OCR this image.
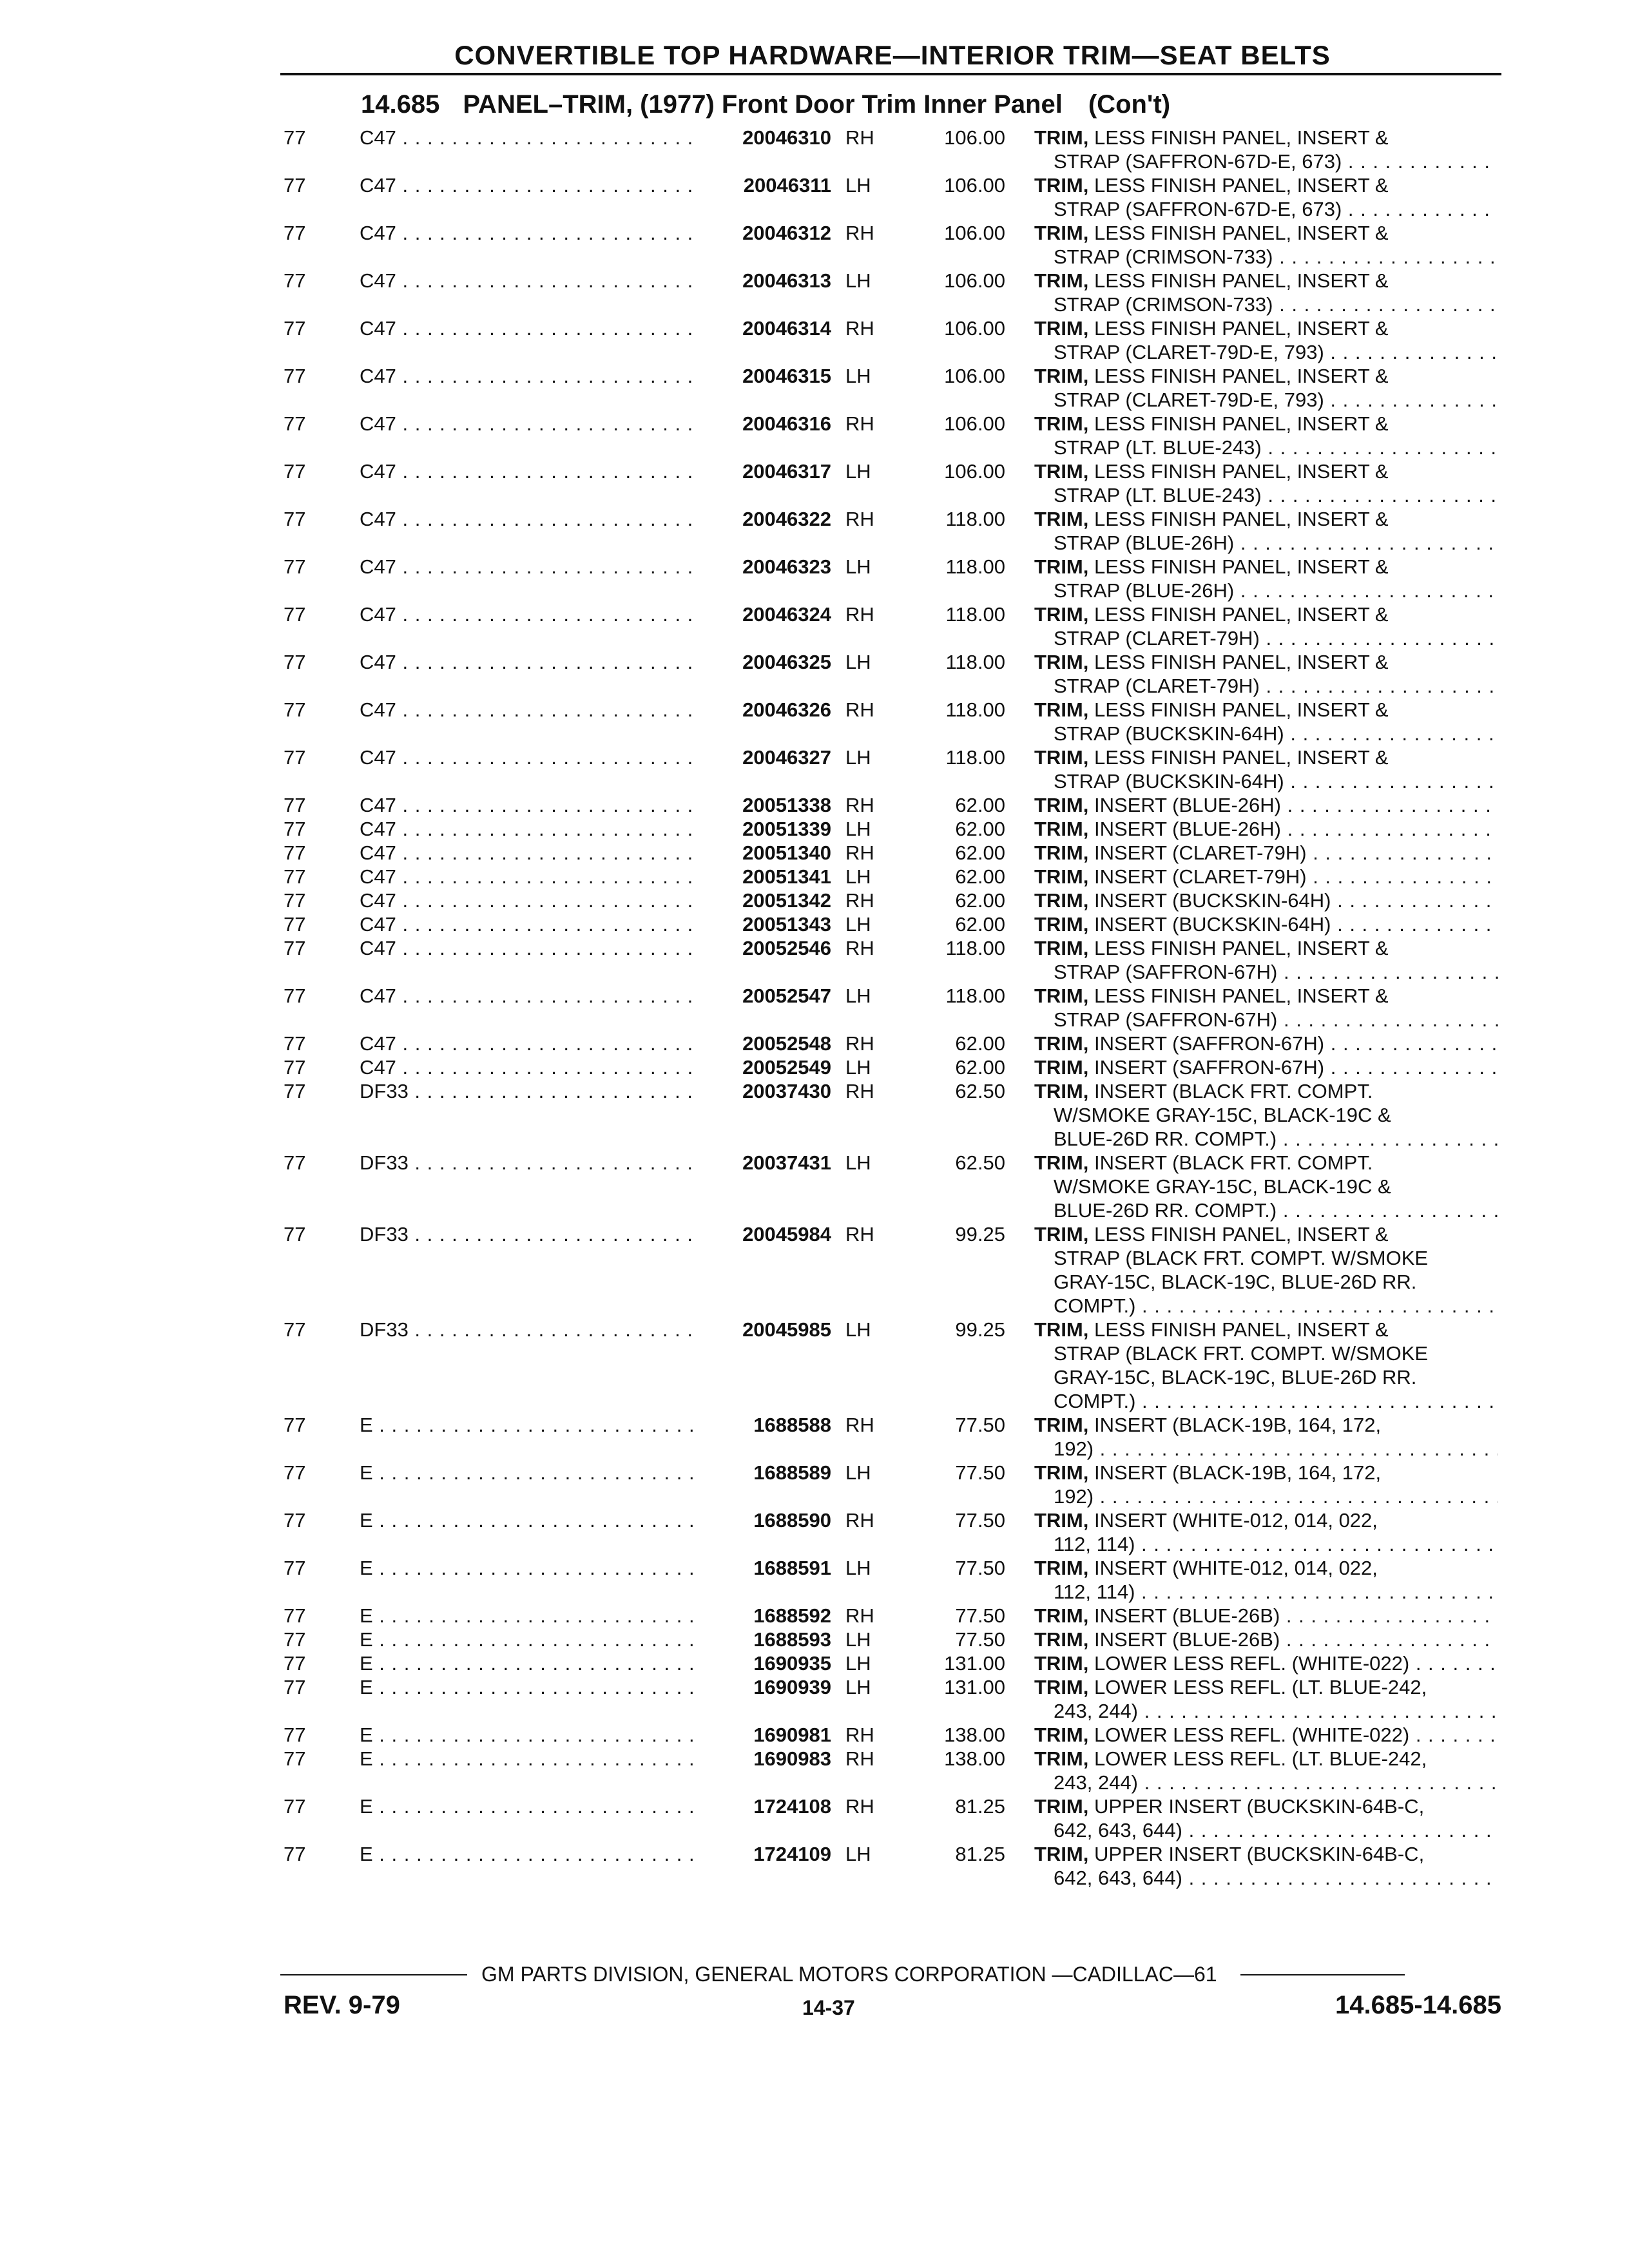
CONVERTIBLE TOP HARDWARE—INTERIOR TRIM—SEAT BELTS
14.685 PANEL–TRIM, (1977) Front Door Trim Inner Panel (Con't)
77	C47 . . .	20046310 RH	106.00 TRIM, LESS FINISH PANEL, INSERT &
STRAP (SAFFRON-67D-E, 673) . . .
77	C47 . . .	20046311 LH	106.00 TRIM, LESS FINISH PANEL, INSERT &
STRAP (SAFFRON-67D-E, 673) . . .
77	C47 . . .	20046312 RH	106.00 TRIM, LESS FINISH PANEL, INSERT &
STRAP (CRIMSON-733) . . .
77	C47 . . .	20046313 LH	106.00 TRIM, LESS FINISH PANEL, INSERT &
STRAP (CRIMSON-733) . . .
77	C47 . . .	20046314 RH	106.00 TRIM, LESS FINISH PANEL, INSERT &
STRAP (CLARET-79D-E, 793) . . .
77	C47 . . .	20046315 LH	106.00 TRIM, LESS FINISH PANEL, INSERT &
STRAP (CLARET-79D-E, 793) . . .
77	C47 . . .	20046316 RH	106.00 TRIM, LESS FINISH PANEL, INSERT &
STRAP (LT. BLUE-243) . . .
77	C47 . . .	20046317 LH	106.00 TRIM, LESS FINISH PANEL, INSERT &
STRAP (LT. BLUE-243) . . .
77	C47 . . .	20046322 RH	118.00 TRIM, LESS FINISH PANEL, INSERT &
STRAP (BLUE-26H) . . .
77	C47 . . .	20046323 LH	118.00 TRIM, LESS FINISH PANEL, INSERT &
STRAP (BLUE-26H) . . .
77	C47 . . .	20046324 RH	118.00 TRIM, LESS FINISH PANEL, INSERT &
STRAP (CLARET-79H) . . .
77	C47 . . .	20046325 LH	118.00 TRIM, LESS FINISH PANEL, INSERT &
STRAP (CLARET-79H) . . .
77	C47 . . .	20046326 RH	118.00 TRIM, LESS FINISH PANEL, INSERT &
STRAP (BUCKSKIN-64H) . . .
77	C47 . . .	20046327 LH	118.00 TRIM, LESS FINISH PANEL, INSERT &
STRAP (BUCKSKIN-64H) . . .
77	C47 . . .	20051338 RH	62.00 TRIM, INSERT (BLUE-26H) . . .
77	C47 . . .	20051339 LH	62.00 TRIM, INSERT (BLUE-26H) . . .
77	C47 . . .	20051340 RH	62.00 TRIM, INSERT (CLARET-79H) . . .
77	C47 . . .	20051341 LH	62.00 TRIM, INSERT (CLARET-79H) . . .
77	C47 . . .	20051342 RH	62.00 TRIM, INSERT (BUCKSKIN-64H) . . .
77	C47 . . .	20051343 LH	62.00 TRIM, INSERT (BUCKSKIN-64H) . . .
77	C47 . . .	20052546 RH	118.00 TRIM, LESS FINISH PANEL, INSERT &
STRAP (SAFFRON-67H) . . .
77	C47 . . .	20052547 LH	118.00 TRIM, LESS FINISH PANEL, INSERT &
STRAP (SAFFRON-67H) . . .
77	C47 . . .	20052548 RH	62.00 TRIM, INSERT (SAFFRON-67H) . . .
77	C47 . . .	20052549 LH	62.00 TRIM, INSERT (SAFFRON-67H) . . .
77	DF33 . . .	20037430 RH	62.50 TRIM, INSERT (BLACK FRT. COMPT.
W/SMOKE GRAY-15C, BLACK-19C &
BLUE-26D RR. COMPT.) . . .
77	DF33 . . .	20037431 LH	62.50 TRIM, INSERT (BLACK FRT. COMPT.
W/SMOKE GRAY-15C, BLACK-19C &
BLUE-26D RR. COMPT.) . . .
77	DF33 . . .	20045984 RH	99.25 TRIM, LESS FINISH PANEL, INSERT &
STRAP (BLACK FRT. COMPT. W/SMOKE
GRAY-15C, BLACK-19C, BLUE-26D RR.
COMPT.) . . .
77	DF33 . . .	20045985 LH	99.25 TRIM, LESS FINISH PANEL, INSERT &
STRAP (BLACK FRT. COMPT. W/SMOKE
GRAY-15C, BLACK-19C, BLUE-26D RR.
COMPT.) . . .
77	E . . .	1688588 RH	77.50 TRIM, INSERT (BLACK-19B, 164, 172,
192) . . .
77	E . . .	1688589 LH	77.50 TRIM, INSERT (BLACK-19B, 164, 172,
192) . . .
77	E . . .	1688590 RH	77.50 TRIM, INSERT (WHITE-012, 014, 022,
112, 114) . . .
77	E . . .	1688591 LH	77.50 TRIM, INSERT (WHITE-012, 014, 022,
112, 114) . . .
77	E . . .	1688592 RH	77.50 TRIM, INSERT (BLUE-26B) . . .
77	E . . .	1688593 LH	77.50 TRIM, INSERT (BLUE-26B) . . .
77	E . . .	1690935 LH	131.00 TRIM, LOWER LESS REFL. (WHITE-022) . . .
77	E . . .	1690939 LH	131.00 TRIM, LOWER LESS REFL. (LT. BLUE-242,
243, 244) . . .
77	E . . .	1690981 RH	138.00 TRIM, LOWER LESS REFL. (WHITE-022) . . .
77	E . . .	1690983 RH	138.00 TRIM, LOWER LESS REFL. (LT. BLUE-242,
243, 244) . . .
77	E . . .	1724108 RH	81.25 TRIM, UPPER INSERT (BUCKSKIN-64B-C,
642, 643, 644) . . .
77	E . . .	1724109 LH	81.25 TRIM, UPPER INSERT (BUCKSKIN-64B-C,
642, 643, 644) . . .
GM PARTS DIVISION, GENERAL MOTORS CORPORATION —CADILLAC—61
REV. 9-79	14-37	14.685-14.685
